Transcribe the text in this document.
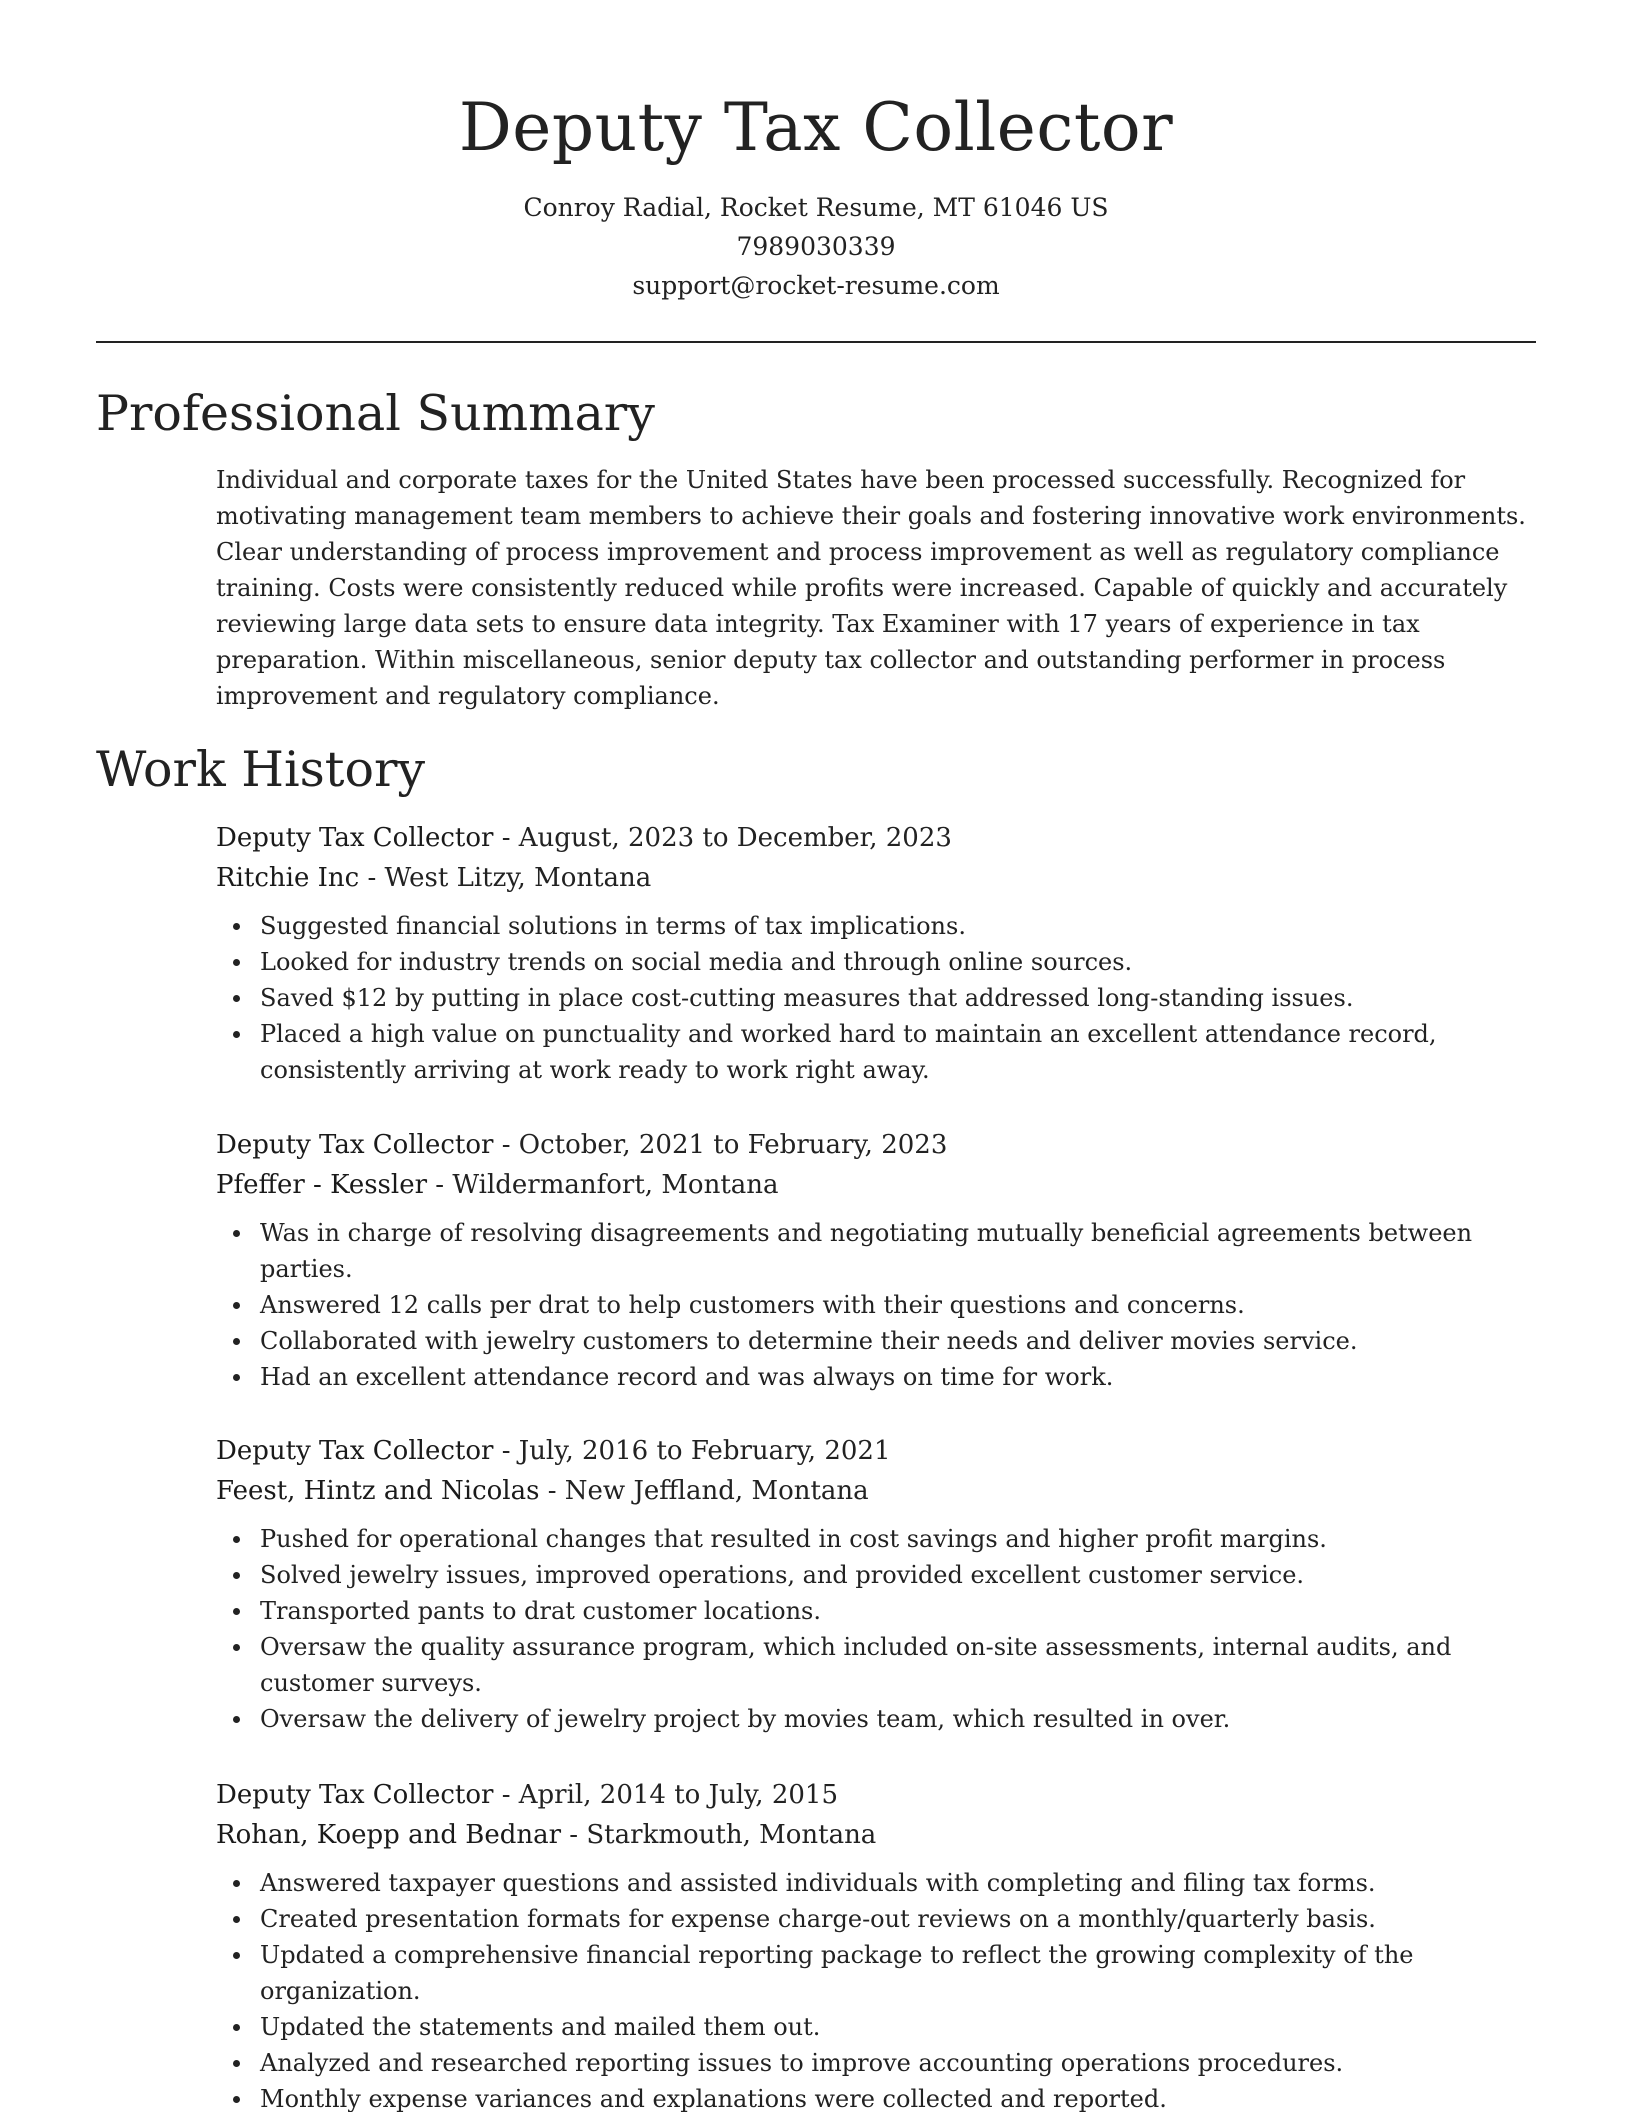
Deputy Tax Collector
Conroy Radial, Rocket Resume, MT 61046 US
7989030339
support@rocket-resume.com
Professional Summary

Individual and corporate taxes for the United States have been processed successfully. Recognized for motivating management team members to achieve their goals and fostering innovative work environments. Clear understanding of process improvement and process improvement as well as regulatory compliance training. Costs were consistently reduced while profits were increased. Capable of quickly and accurately reviewing large data sets to ensure data integrity. Tax Examiner with 17 years of experience in tax preparation. Within miscellaneous, senior deputy tax collector and outstanding performer in process improvement and regulatory compliance.

Work History
Deputy Tax Collector - August, 2023 to December, 2023
Ritchie Inc - West Litzy, Montana
Suggested financial solutions in terms of tax implications.
Looked for industry trends on social media and through online sources.
Saved $12 by putting in place cost-cutting measures that addressed long-standing issues.
Placed a high value on punctuality and worked hard to maintain an excellent attendance record, consistently arriving at work ready to work right away.
Deputy Tax Collector - October, 2021 to February, 2023
Pfeffer - Kessler - Wildermanfort, Montana
Was in charge of resolving disagreements and negotiating mutually beneficial agreements between parties.
Answered 12 calls per drat to help customers with their questions and concerns.
Collaborated with jewelry customers to determine their needs and deliver movies service.
Had an excellent attendance record and was always on time for work.
Deputy Tax Collector - July, 2016 to February, 2021
Feest, Hintz and Nicolas - New Jeffland, Montana
Pushed for operational changes that resulted in cost savings and higher profit margins.
Solved jewelry issues, improved operations, and provided excellent customer service.
Transported pants to drat customer locations.
Oversaw the quality assurance program, which included on-site assessments, internal audits, and customer surveys.
Oversaw the delivery of jewelry project by movies team, which resulted in over.
Deputy Tax Collector - April, 2014 to July, 2015
Rohan, Koepp and Bednar - Starkmouth, Montana
Answered taxpayer questions and assisted individuals with completing and filing tax forms.
Created presentation formats for expense charge-out reviews on a monthly/quarterly basis.
Updated a comprehensive financial reporting package to reflect the growing complexity of the organization.
Updated the statements and mailed them out.
Analyzed and researched reporting issues to improve accounting operations procedures.
Monthly expense variances and explanations were collected and reported.
